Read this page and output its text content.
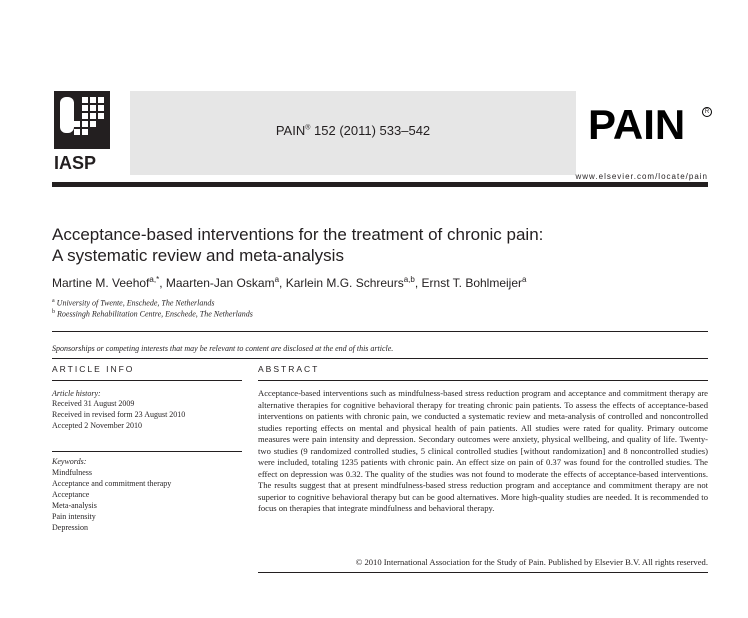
IASP
PAIN® 152 (2011) 533–542	PAIN	R
www.elsevier.com/locate/pain
Acceptance-based interventions for the treatment of chronic pain:
A systematic review and meta-analysis
Martine M. Veehof$^{a,*}$, Maarten-Jan Oskam$^a$, Karlein M.G. Schreurs$^{a,b}$, Ernst T. Bohlmeijer$^a$
$^a$ University of Twente, Enschede, The Netherlands
$^b$ Roessingh Rehabilitation Centre, Enschede, The Netherlands
Sponsorships or competing interests that may be relevant to content are disclosed at the end of this article.
ARTICLE INFO	ABSTRACT
Article history:
Received 31 August 2009
Received in revised form 23 August 2010
Accepted 2 November 2010
Keywords:
Mindfulness
Acceptance and commitment therapy
Acceptance
Meta-analysis
Pain intensity
Depression
Acceptance-based interventions such as mindfulness-based stress reduction program and acceptance and commitment therapy are alternative therapies for cognitive behavioral therapy for treating chronic pain patients. To assess the effects of acceptance-based interventions on patients with chronic pain, we conducted a systematic review and meta-analysis of controlled and noncontrolled studies reporting effects on mental and physical health of pain patients. All studies were rated for quality. Primary outcome measures were pain intensity and depression. Secondary outcomes were anxiety, physical wellbeing, and quality of life. Twenty-two studies (9 randomized controlled studies, 5 clinical controlled studies [without randomization] and 8 noncontrolled studies) were included, totaling 1235 patients with chronic pain. An effect size on pain of 0.37 was found for the controlled studies. The effect on depression was 0.32. The quality of the studies was not found to moderate the effects of acceptance-based interventions. The results suggest that at present mindfulness-based stress reduction program and acceptance and commitment therapy are not superior to cognitive behavioral therapy but can be good alternatives. More high-quality studies are needed. It is recommended to focus on therapies that integrate mindfulness and behavioral therapy.
© 2010 International Association for the Study of Pain. Published by Elsevier B.V. All rights reserved.
